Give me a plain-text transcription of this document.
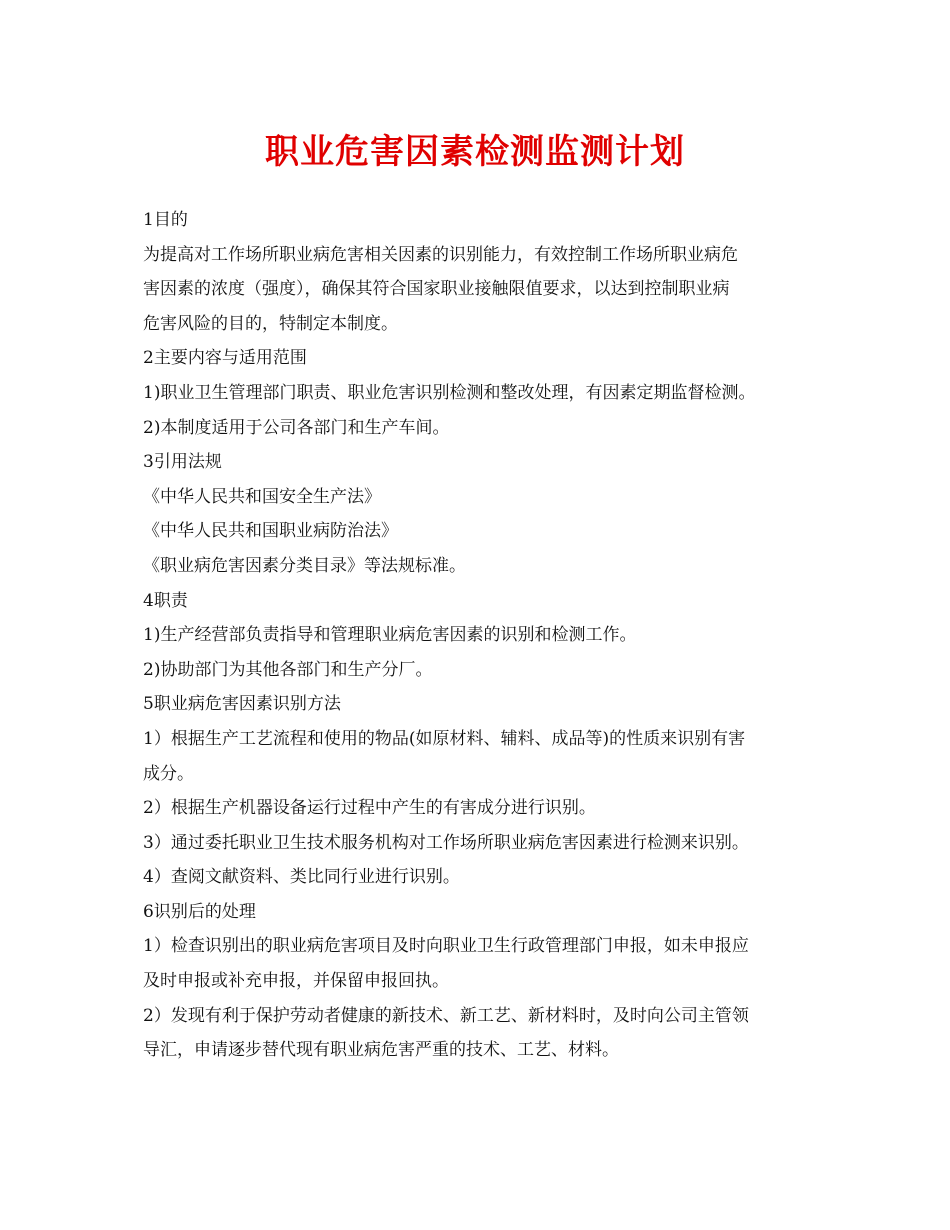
职业危害因素检测监测计划
1目的
为提高对工作场所职业病危害相关因素的识别能力，有效控制工作场所职业病危
害因素的浓度（强度），确保其符合国家职业接触限值要求，以达到控制职业病
危害风险的目的，特制定本制度。
2主要内容与适用范围
1)职业卫生管理部门职责、职业危害识别检测和整改处理，有因素定期监督检测。
2)本制度适用于公司各部门和生产车间。
3引用法规
《中华人民共和国安全生产法》
《中华人民共和国职业病防治法》
《职业病危害因素分类目录》等法规标准。
4职责
1)生产经营部负责指导和管理职业病危害因素的识别和检测工作。
2)协助部门为其他各部门和生产分厂。
5职业病危害因素识别方法
1）根据生产工艺流程和使用的物品(如原材料、辅料、成品等)的性质来识别有害
成分。
2）根据生产机器设备运行过程中产生的有害成分进行识别。
3）通过委托职业卫生技术服务机构对工作场所职业病危害因素进行检测来识别。
4）查阅文献资料、类比同行业进行识别。
6识别后的处理
1）检查识别出的职业病危害项目及时向职业卫生行政管理部门申报，如未申报应
及时申报或补充申报，并保留申报回执。
2）发现有利于保护劳动者健康的新技术、新工艺、新材料时，及时向公司主管领
导汇，申请逐步替代现有职业病危害严重的技术、工艺、材料。
